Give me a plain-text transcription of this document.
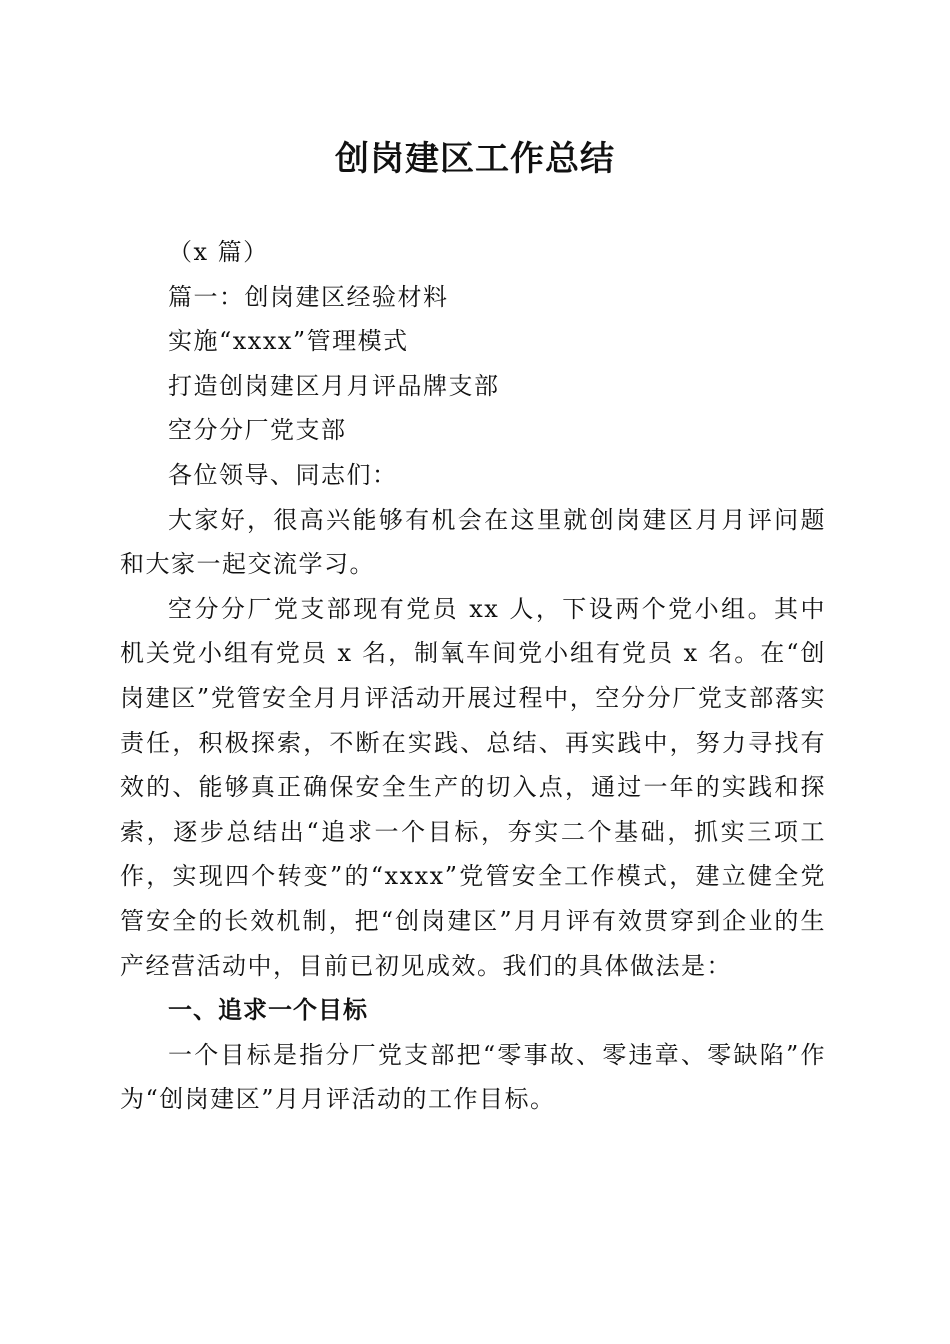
创岗建区工作总结

（x 篇）

篇一：创岗建区经验材料

实施“xxxx”管理模式

打造创岗建区月月评品牌支部

空分分厂党支部

各位领导、同志们：

大家好，很高兴能够有机会在这里就创岗建区月月评问题和大家一起交流学习。

空分分厂党支部现有党员 xx 人，下设两个党小组。其中机关党小组有党员 x 名，制氧车间党小组有党员 x 名。在“创岗建区”党管安全月月评活动开展过程中，空分分厂党支部落实责任，积极探索，不断在实践、总结、再实践中，努力寻找有效的、能够真正确保安全生产的切入点，通过一年的实践和探索，逐步总结出“追求一个目标，夯实二个基础，抓实三项工作，实现四个转变”的“xxxx”党管安全工作模式，建立健全党管安全的长效机制，把“创岗建区”月月评有效贯穿到企业的生产经营活动中，目前已初见成效。我们的具体做法是：

一、追求一个目标

一个目标是指分厂党支部把“零事故、零违章、零缺陷”作为“创岗建区”月月评活动的工作目标。
